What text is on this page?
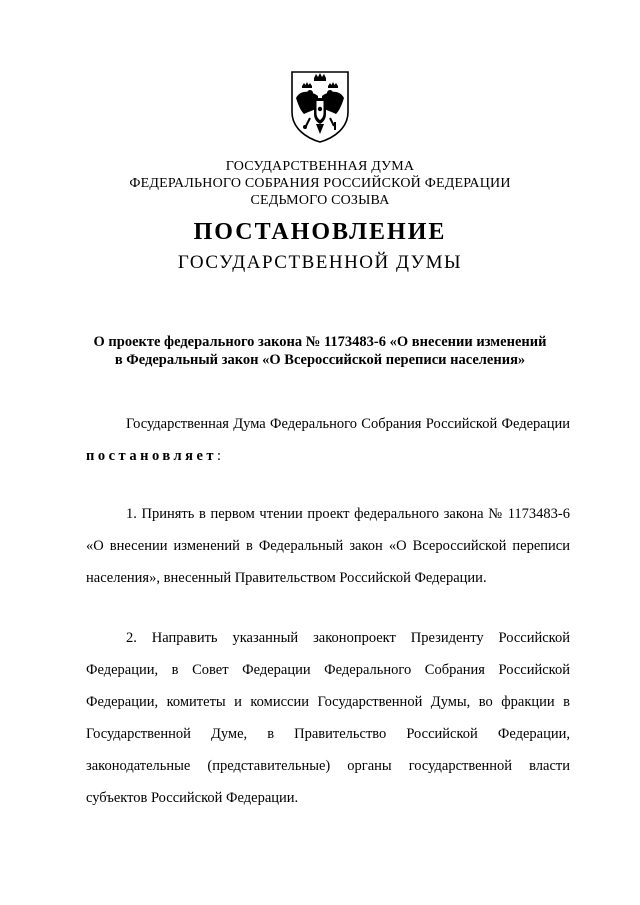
ГОСУДАРСТВЕННАЯ ДУМА
ФЕДЕРАЛЬНОГО СОБРАНИЯ РОССИЙСКОЙ ФЕДЕРАЦИИ
СЕДЬМОГО СОЗЫВА
ПОСТАНОВЛЕНИЕ
ГОСУДАРСТВЕННОЙ ДУМЫ
О проекте федерального закона № 1173483-6 «О внесении изменений
в Федеральный закон «О Всероссийской переписи населения»

Государственная Дума Федерального Собрания Российской Федерации постановляет:

1. Принять в первом чтении проект федерального закона № 1173483-6 «О внесении изменений в Федеральный закон «О Всероссийской переписи населения», внесенный Правительством Российской Федерации.

2. Направить указанный законопроект Президенту Российской Федерации, в Совет Федерации Федерального Собрания Российской Федерации, комитеты и комиссии Государственной Думы, во фракции в Государственной Думе, в Правительство Российской Федерации, законодательные (представительные) органы государственной власти субъектов Российской Федерации.
